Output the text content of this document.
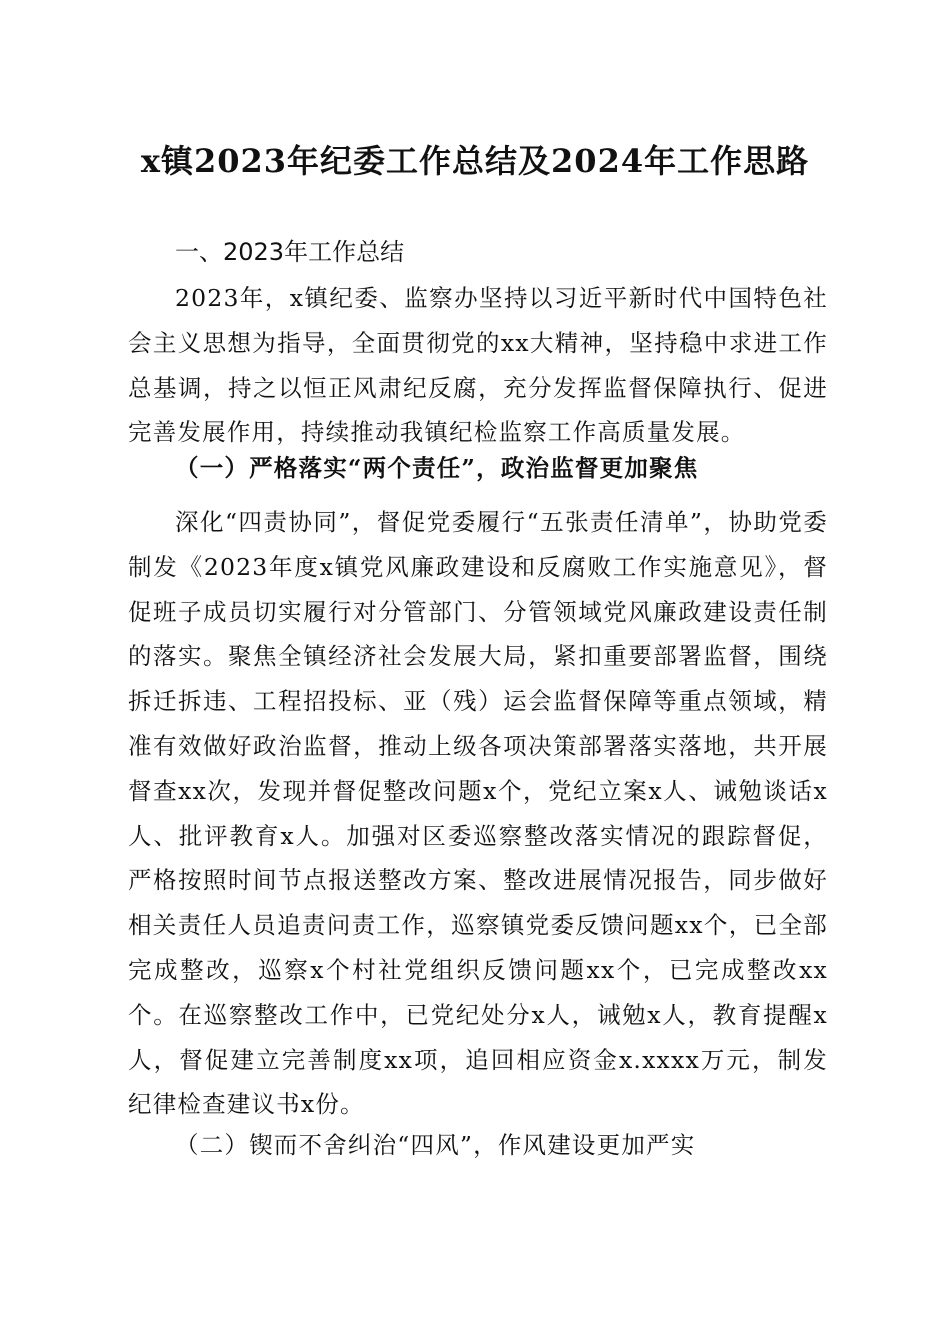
x镇2023年纪委工作总结及2024年工作思路

一、2023年工作总结

2023年，x镇纪委、监察办坚持以习近平新时代中国特色社会主义思想为指导，全面贯彻党的xx大精神，坚持稳中求进工作总基调，持之以恒正风肃纪反腐，充分发挥监督保障执行、促进完善发展作用，持续推动我镇纪检监察工作高质量发展。

（一）严格落实“两个责任”，政治监督更加聚焦

深化“四责协同”，督促党委履行“五张责任清单”，协助党委制发《2023年度x镇党风廉政建设和反腐败工作实施意见》，督促班子成员切实履行对分管部门、分管领域党风廉政建设责任制的落实。聚焦全镇经济社会发展大局，紧扣重要部署监督，围绕拆迁拆违、工程招投标、亚（残）运会监督保障等重点领域，精准有效做好政治监督，推动上级各项决策部署落实落地，共开展督查xx次，发现并督促整改问题x个，党纪立案x人、诫勉谈话x人、批评教育x人。加强对区委巡察整改落实情况的跟踪督促，严格按照时间节点报送整改方案、整改进展情况报告，同步做好相关责任人员追责问责工作，巡察镇党委反馈问题xx个，已全部完成整改，巡察x个村社党组织反馈问题xx个，已完成整改xx个。在巡察整改工作中，已党纪处分x人，诫勉x人，教育提醒x人，督促建立完善制度xx项，追回相应资金x.xxxx万元，制发纪律检查建议书x份。

（二）锲而不舍纠治“四风”，作风建设更加严实
